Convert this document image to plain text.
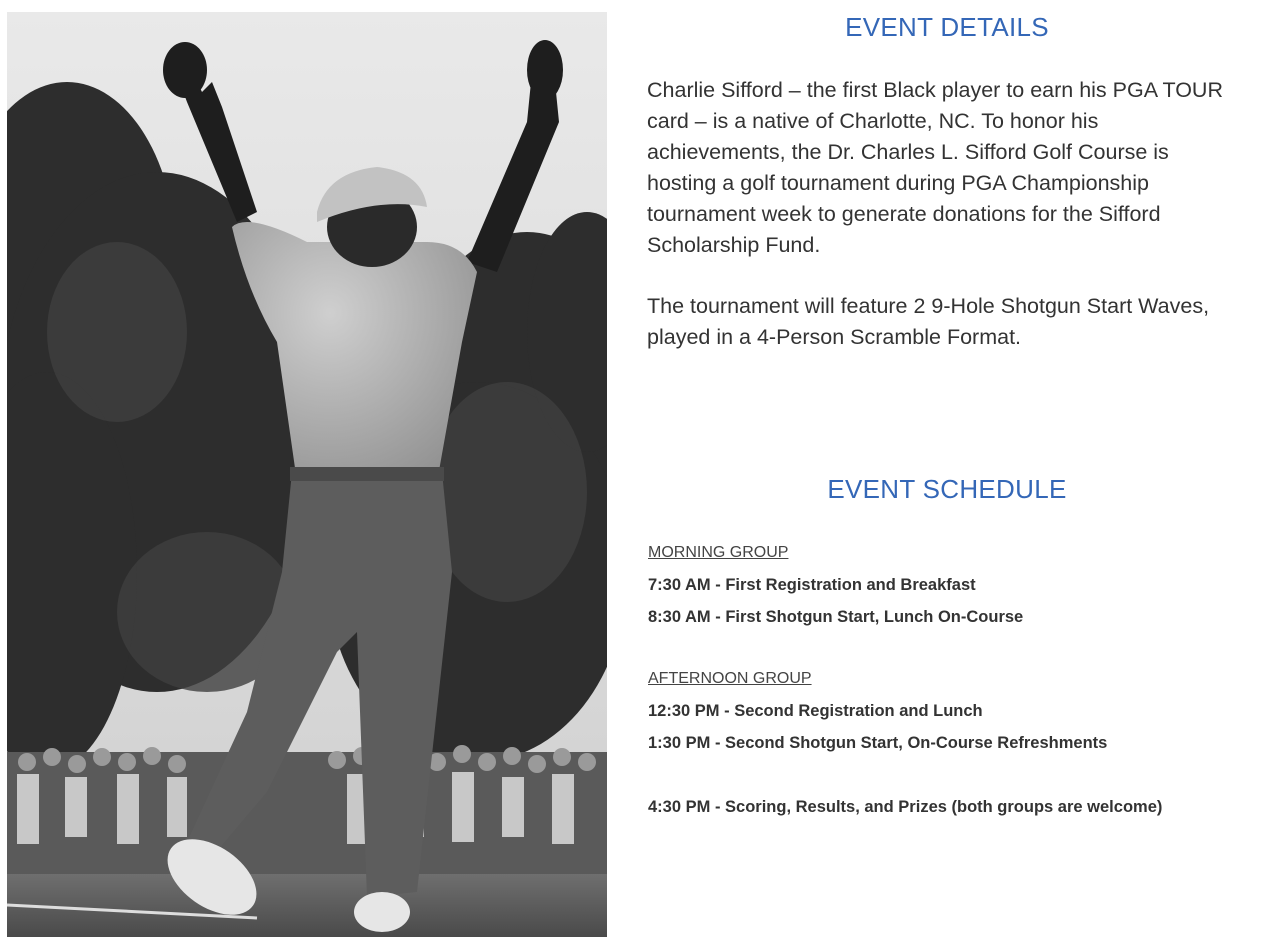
EVENT DETAILS

Charlie Sifford – the first Black player to earn his PGA TOUR card – is a native of Charlotte, NC. To honor his achievements, the Dr. Charles L. Sifford Golf Course is hosting a golf tournament during PGA Championship tournament week to generate donations for the Sifford Scholarship Fund.

The tournament will feature 2 9-Hole Shotgun Start Waves, played in a 4-Person Scramble Format.

EVENT SCHEDULE

MORNING GROUP

7:30 AM - First Registration and Breakfast

8:30 AM - First Shotgun Start, Lunch On-Course

AFTERNOON GROUP

12:30 PM - Second Registration and Lunch

1:30 PM - Second Shotgun Start, On-Course Refreshments

4:30 PM - Scoring, Results, and Prizes (both groups are welcome)
